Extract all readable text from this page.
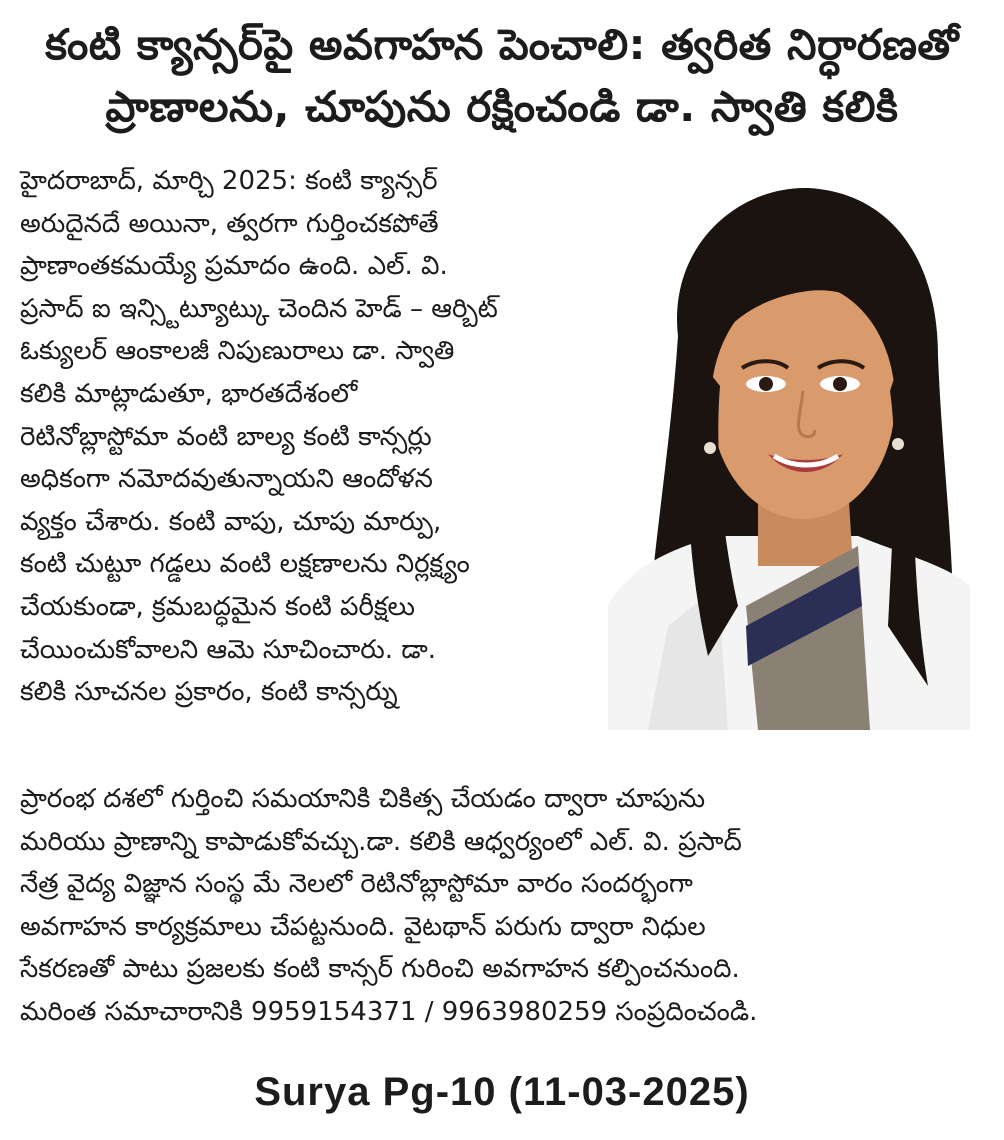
కంటి క్యాన్సర్‌పై అవగాహన పెంచాలి: త్వరిత నిర్ధారణతో
ప్రాణాలను, చూపును రక్షించండి డా. స్వాతి కలికి
హైదరాబాద్, మార్చి 2025: కంటి క్యాన్సర్
అరుదైనదే అయినా, త్వరగా గుర్తించకపోతే
ప్రాణాంతకమయ్యే ప్రమాదం ఉంది. ఎల్. వి.
ప్రసాద్ ఐ ఇన్స్టిట్యూట్కు చెందిన హెడ్ – ఆర్బిట్
ఓక్యులర్ ఆంకాలజీ నిపుణురాలు డా. స్వాతి
కలికి మాట్లాడుతూ, భారతదేశంలో
రెటినోబ్లాస్టోమా వంటి బాల్య కంటి కాన్సర్లు
అధికంగా నమోదవుతున్నాయని ఆందోళన
వ్యక్తం చేశారు. కంటి వాపు, చూపు మార్పు,
కంటి చుట్టూ గడ్డలు వంటి లక్షణాలను నిర్లక్ష్యం
చేయకుండా, క్రమబద్ధమైన కంటి పరీక్షలు
చేయించుకోవాలని ఆమె సూచించారు. డా.
కలికి సూచనల ప్రకారం, కంటి కాన్సర్ను
ప్రారంభ దశలో గుర్తించి సమయానికి చికిత్స చేయడం ద్వారా చూపును
మరియు ప్రాణాన్ని కాపాడుకోవచ్చు.డా. కలికి ఆధ్వర్యంలో ఎల్. వి. ప్రసాద్
నేత్ర వైద్య విజ్ఞాన సంస్థ మే నెలలో రెటినోబ్లాస్టోమా వారం సందర్భంగా
అవగాహన కార్యక్రమాలు చేపట్టనుంది. వైటథాన్ పరుగు ద్వారా నిధుల
సేకరణతో పాటు ప్రజలకు కంటి కాన్సర్ గురించి అవగాహన కల్పించనుంది.
మరింత సమాచారానికి 9959154371 / 9963980259 సంప్రదించండి.
Surya Pg-10 (11-03-2025)
